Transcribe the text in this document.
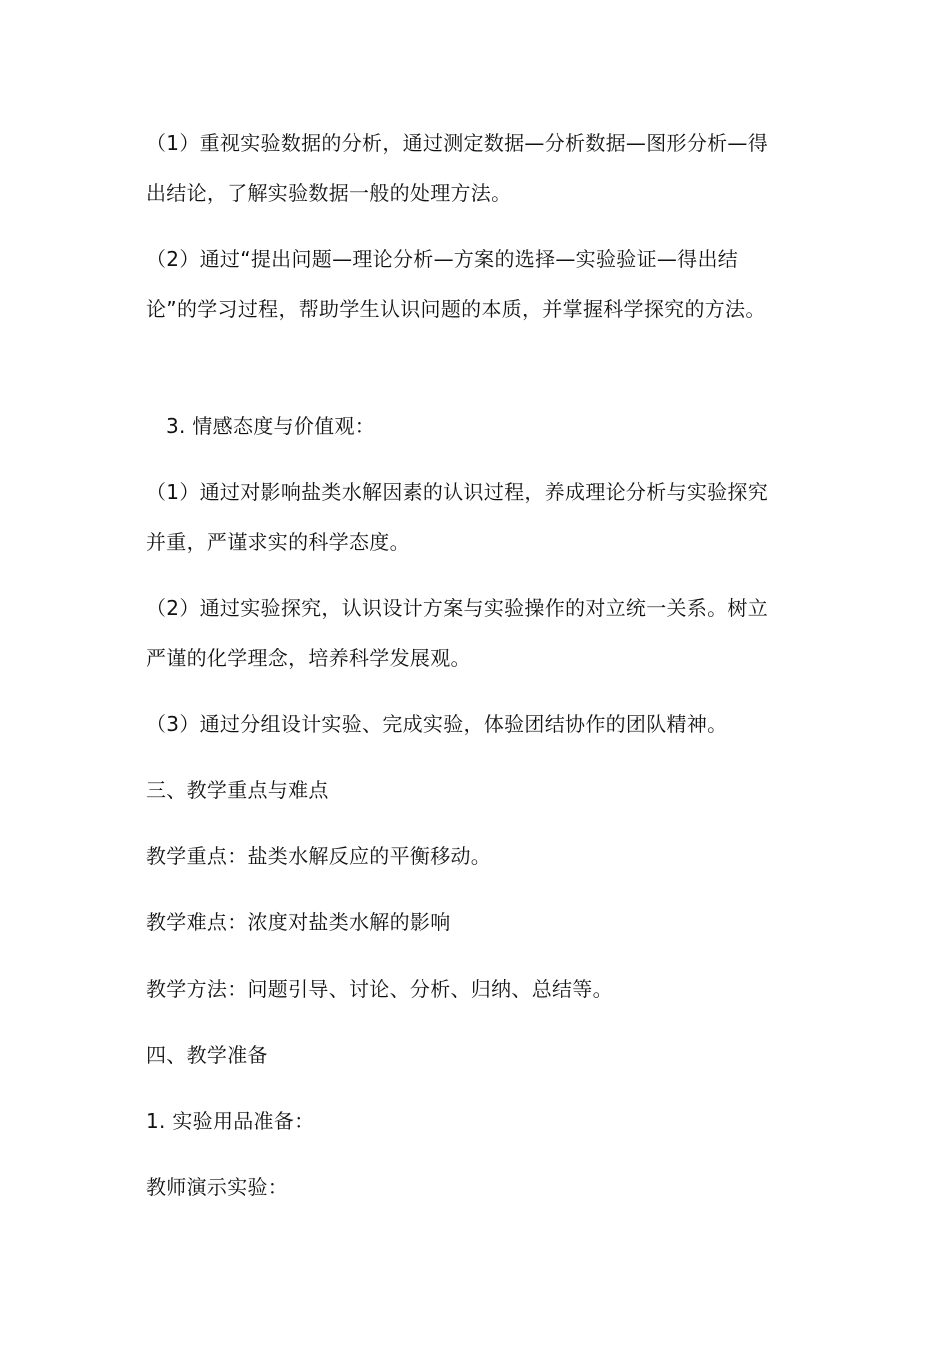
（1）重视实验数据的分析，通过测定数据—分析数据—图形分析—得出结论，了解实验数据一般的处理方法。
（2）通过“提出问题—理论分析—方案的选择—实验验证—得出结论”的学习过程，帮助学生认识问题的本质，并掌握科学探究的方法。
3. 情感态度与价值观：
（1）通过对影响盐类水解因素的认识过程，养成理论分析与实验探究并重，严谨求实的科学态度。
（2）通过实验探究，认识设计方案与实验操作的对立统一关系。树立严谨的化学理念，培养科学发展观。
（3）通过分组设计实验、完成实验，体验团结协作的团队精神。
三、教学重点与难点
教学重点：盐类水解反应的平衡移动。
教学难点：浓度对盐类水解的影响
教学方法：问题引导、讨论、分析、归纳、总结等。
四、教学准备
1. 实验用品准备：
教师演示实验：
